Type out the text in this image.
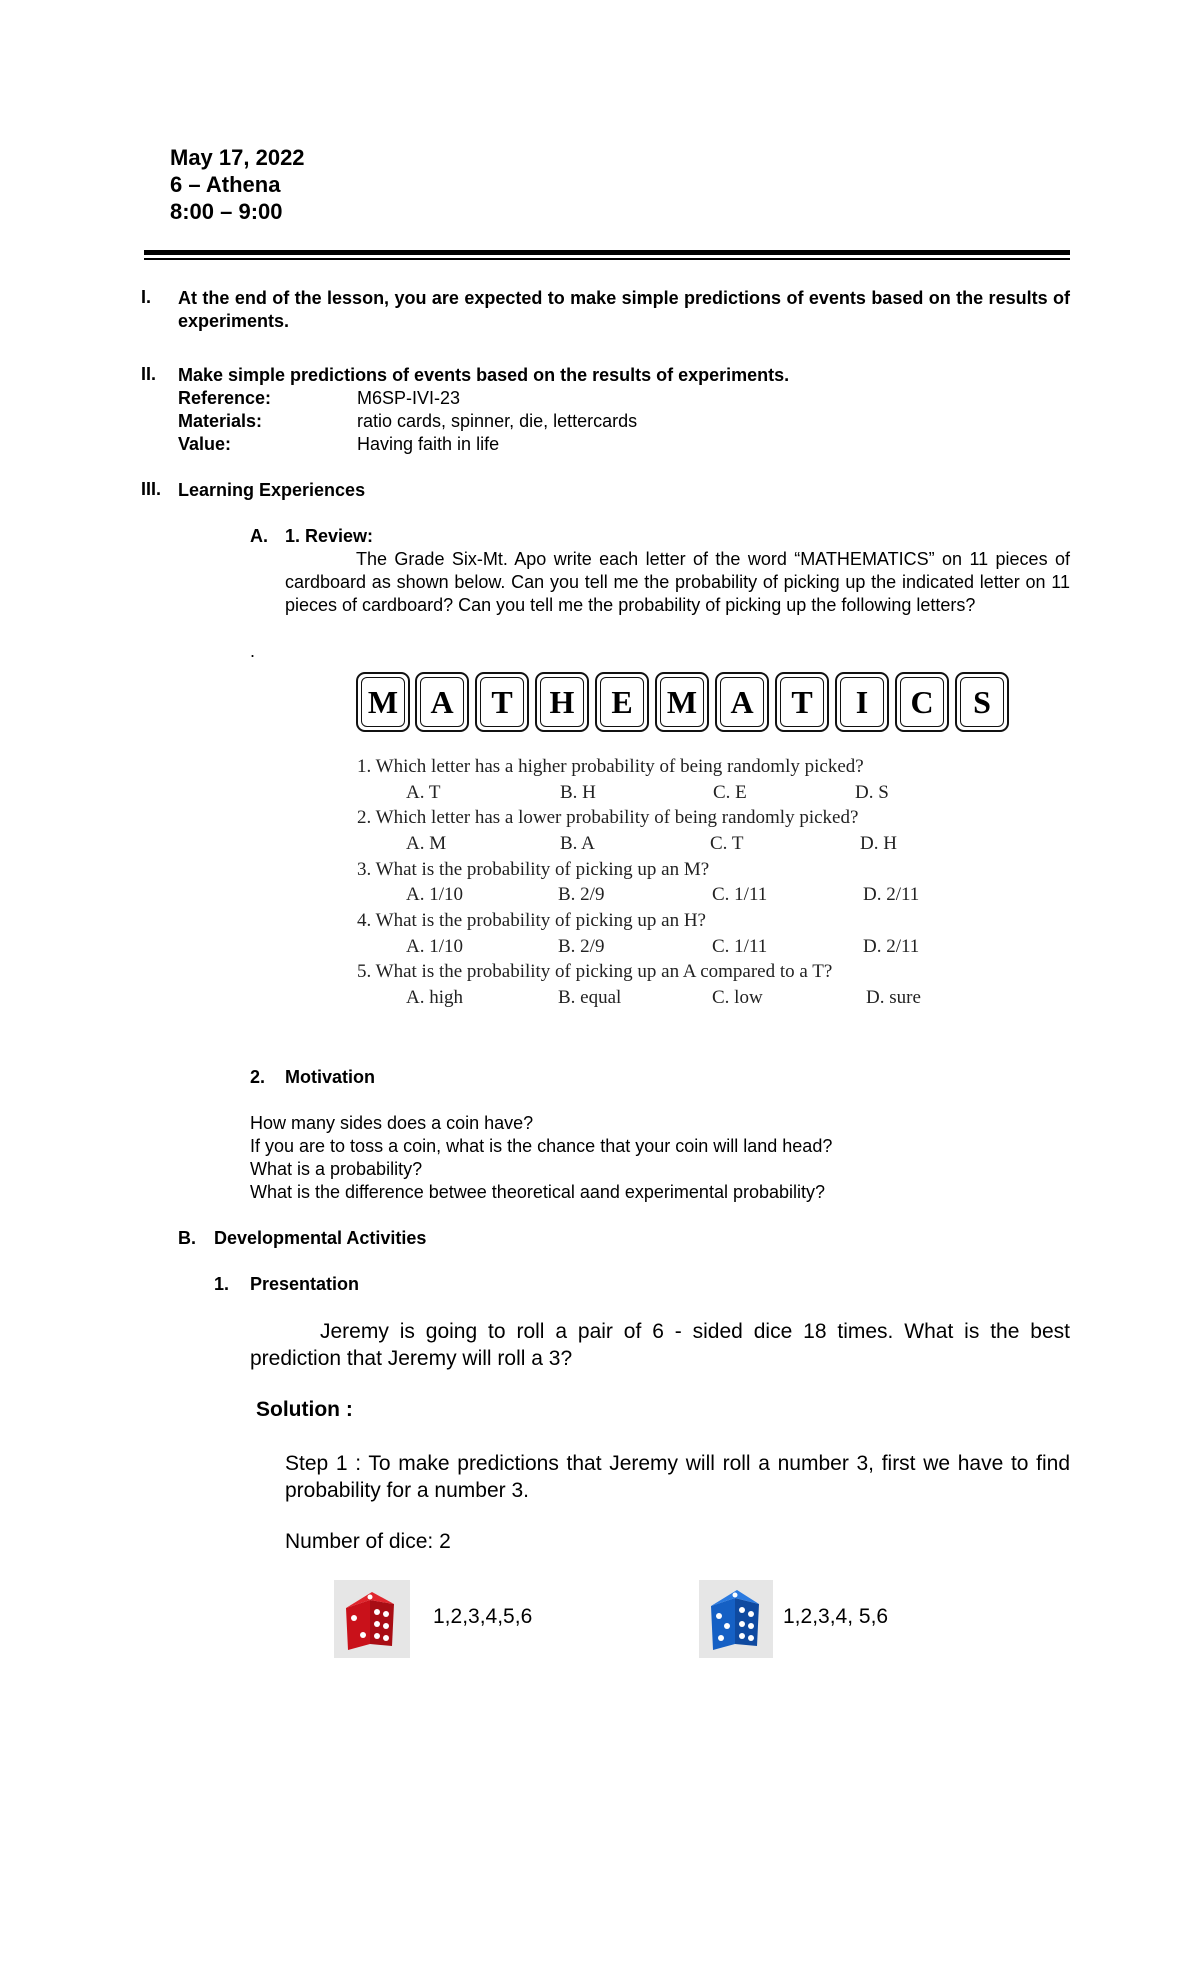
May 17, 2022
6 – Athena
8:00 – 9:00
I. At the end of the lesson, you are expected to make simple predictions of events based on the results of experiments.
II. Make simple predictions of events based on the results of experiments.
Reference:	M6SP-IVI-23
Materials:	ratio cards, spinner, die, lettercards
Value:	Having faith in life
III. Learning Experiences
A. 1. Review:
The Grade Six-Mt. Apo write each letter of the word “MATHEMATICS” on 11 pieces of cardboard as shown below. Can you tell me the probability of picking up the indicated letter on 11 pieces of cardboard? Can you tell me the probability of picking up the following letters?
.
M	A	T	H	E	M	A	T	I	C	S
1. Which letter has a higher probability of being randomly picked?
A. T	B. H	C. E	D. S
2. Which letter has a lower probability of being randomly picked?
A. M	B. A	C. T	D. H
3. What is the probability of picking up an M?
A. 1/10	B. 2/9	C. 1/11	D. 2/11
4. What is the probability of picking up an H?
A. 1/10	B. 2/9	C. 1/11	D. 2/11
5. What is the probability of picking up an A compared to a T?
A. high	B. equal	C. low	D. sure
2. Motivation
How many sides does a coin have?
If you are to toss a coin, what is the chance that your coin will land head?
What is a probability?
What is the difference betwee theoretical aand experimental probability?
B. Developmental Activities
1. Presentation
Jeremy is going to roll a pair of 6 - sided dice 18 times. What is the best prediction that Jeremy will roll a 3?
Solution :
Step 1 : To make predictions that Jeremy will roll a number 3, first we have to find probability for a number 3.
Number of dice: 2
1,2,3,4,5,6	1,2,3,4, 5,6
